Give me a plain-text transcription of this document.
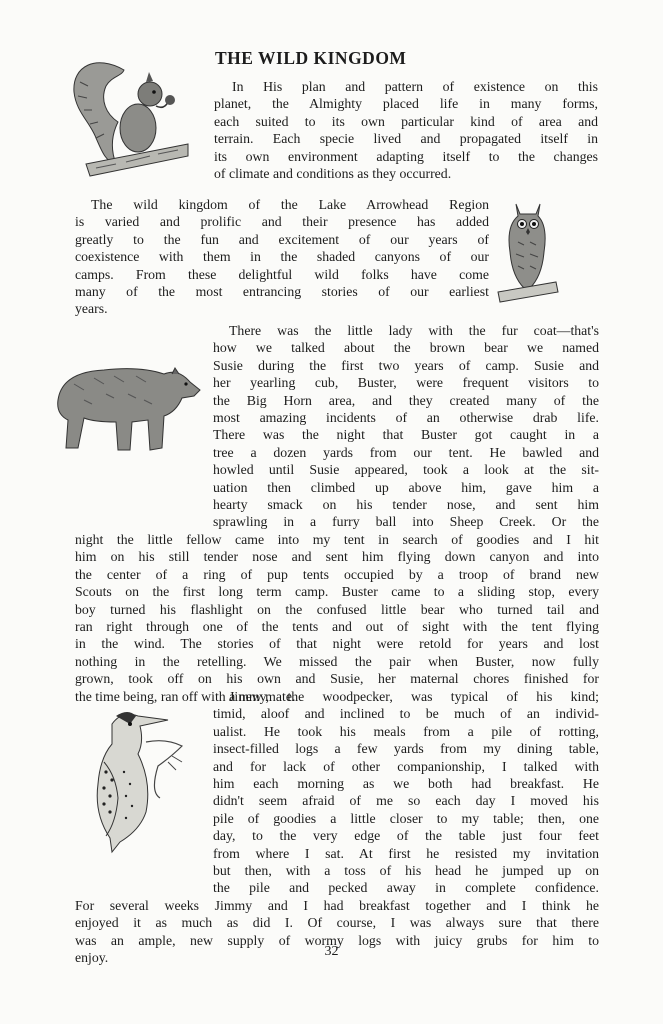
THE WILD KINGDOM
In His plan and pattern of existence on this
planet, the Almighty placed life in many forms,
each suited to its own particular kind of area and
terrain. Each specie lived and propagated itself in
its own environment adapting itself to the changes
of climate and conditions as they occurred.
The wild kingdom of the Lake Arrowhead Region
is varied and prolific and their presence has added
greatly to the fun and excitement of our years of
coexistence with them in the shaded canyons of our
camps. From these delightful wild folks have come
many of the most entrancing stories of our earliest
years.
There was the little lady with the fur coat—that's
how we talked about the brown bear we named
Susie during the first two years of camp. Susie and
her yearling cub, Buster, were frequent visitors to
the Big Horn area, and they created many of the
most amazing incidents of an otherwise drab life.
There was the night that Buster got caught in a
tree a dozen yards from our tent. He bawled and
howled until Susie appeared, took a look at the sit-
uation then climbed up above him, gave him a
hearty smack on his tender nose, and sent him
sprawling in a furry ball into Sheep Creek. Or the
night the little fellow came into my tent in search of goodies and I hit
him on his still tender nose and sent him flying down canyon and into
the center of a ring of pup tents occupied by a troop of brand new
Scouts on the first long term camp. Buster came to a sliding stop, every
boy turned his flashlight on the confused little bear who turned tail and
ran right through one of the tents and out of sight with the tent flying
in the wind. The stories of that night were retold for years and lost
nothing in the retelling. We missed the pair when Buster, now fully
grown, took off on his own and Susie, her maternal chores finished for
the time being, ran off with a new mate.
Jimmy, the woodpecker, was typical of his kind;
timid, aloof and inclined to be much of an individ-
ualist. He took his meals from a pile of rotting,
insect-filled logs a few yards from my dining table,
and for lack of other companionship, I talked with
him each morning as we both had breakfast. He
didn't seem afraid of me so each day I moved his
pile of goodies a little closer to my table; then, one
day, to the very edge of the table just four feet
from where I sat. At first he resisted my invitation
but then, with a toss of his head he jumped up on
the pile and pecked away in complete confidence.
For several weeks Jimmy and I had breakfast together and I think he
enjoyed it as much as did I. Of course, I was always sure that there
was an ample, new supply of wormy logs with juicy grubs for him to
enjoy.	32
